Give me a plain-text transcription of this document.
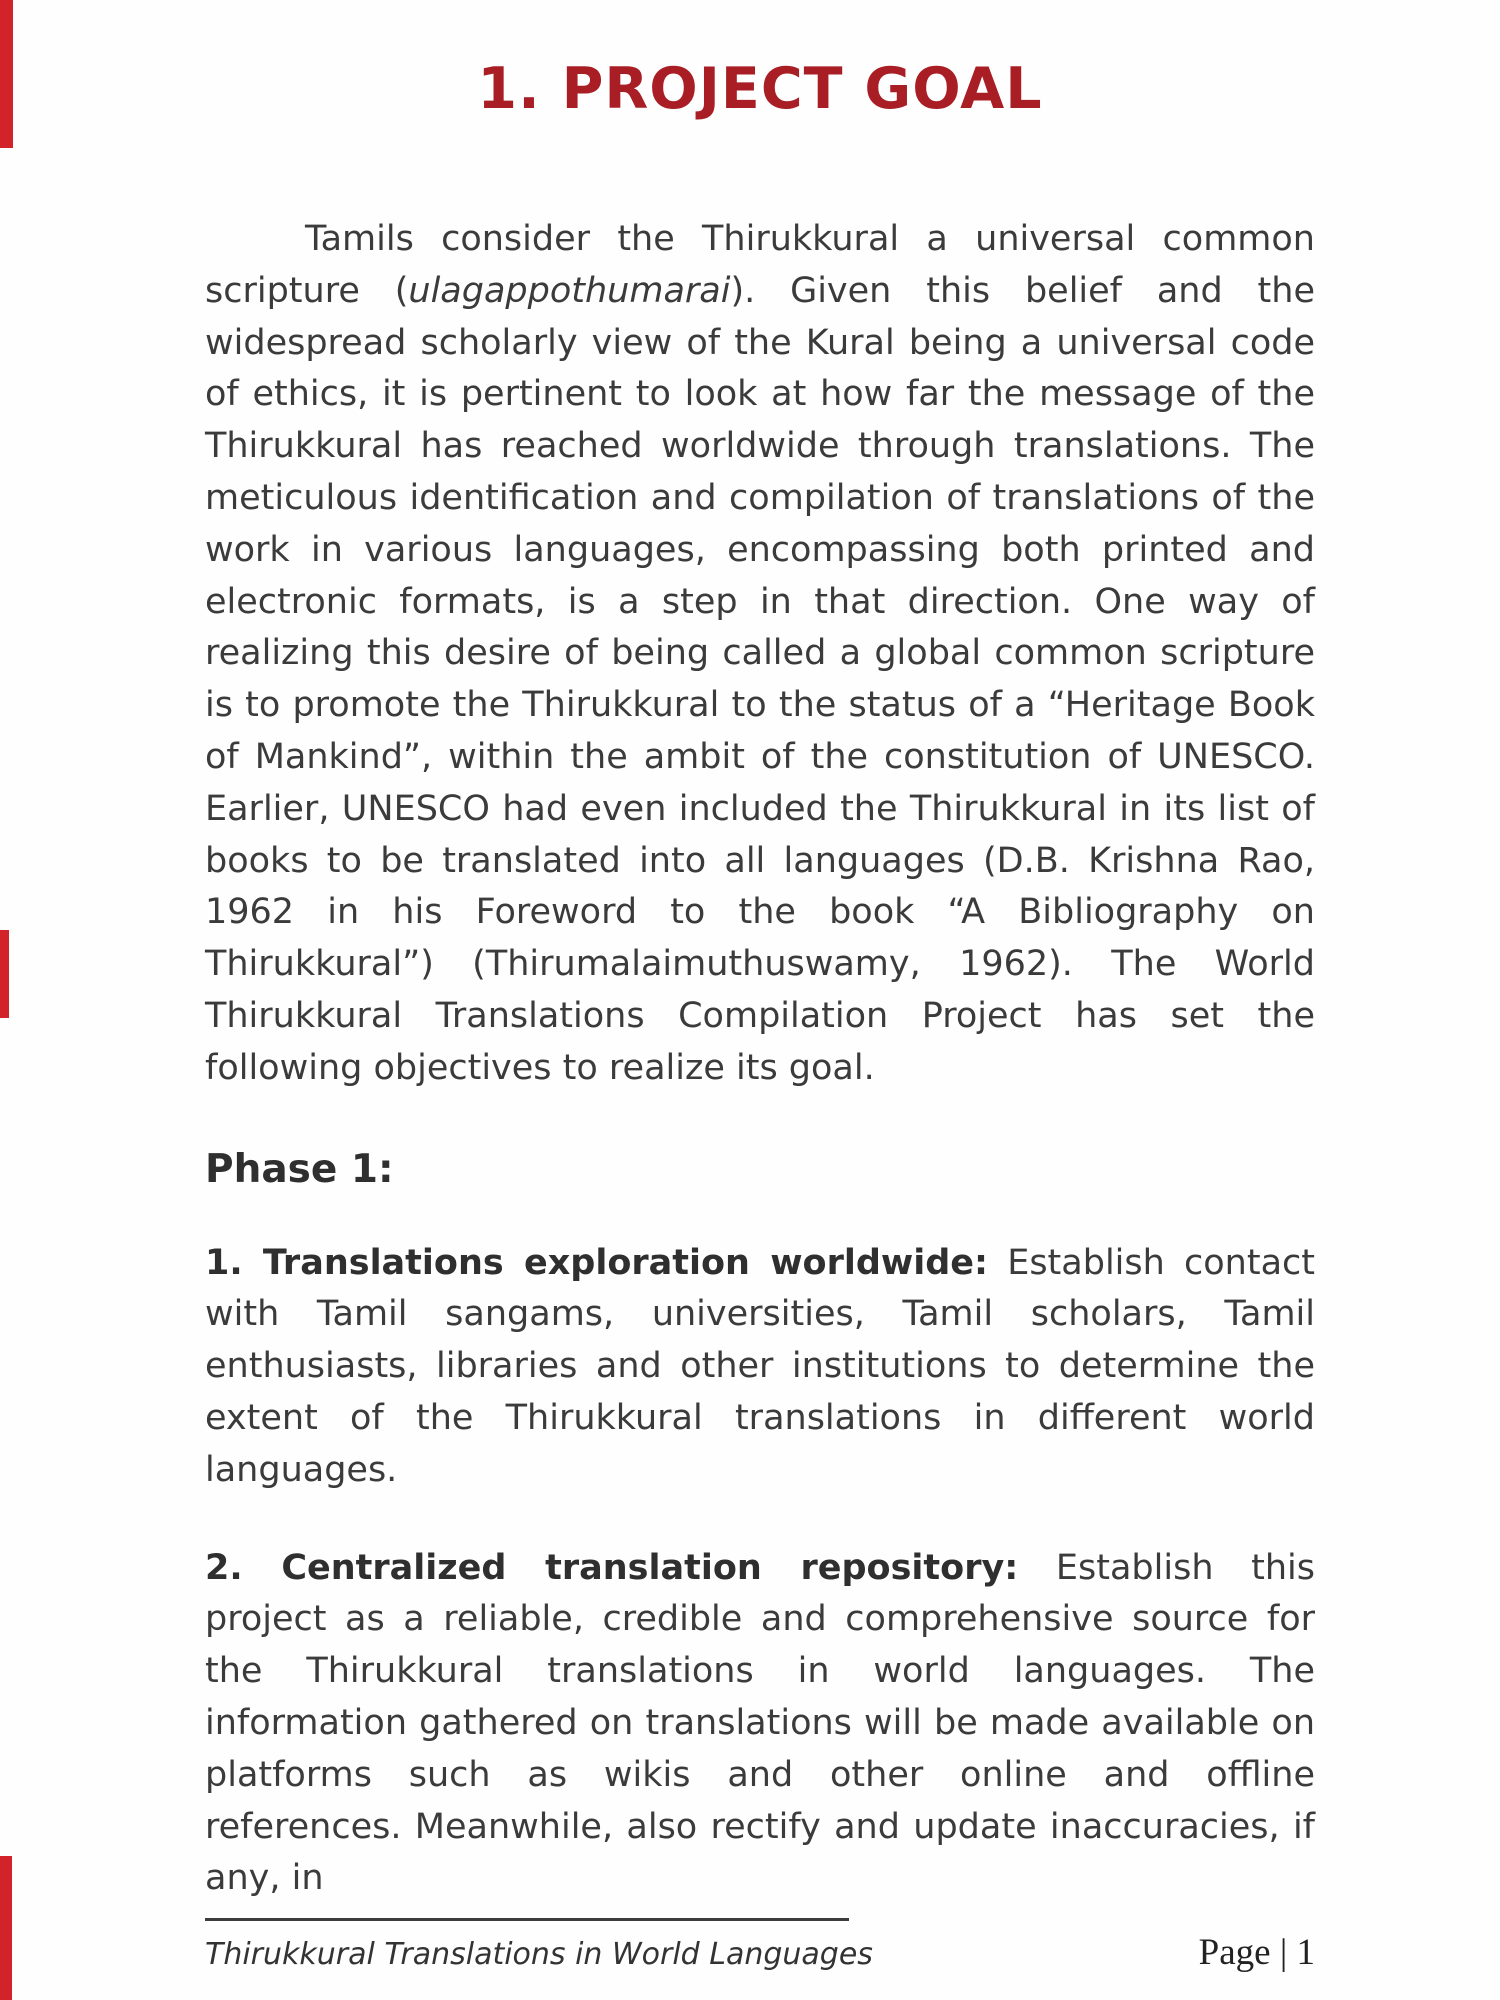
1. PROJECT GOAL

Tamils consider the Thirukkural a universal common scripture (ulagappothumarai). Given this belief and the widespread scholarly view of the Kural being a universal code of ethics, it is pertinent to look at how far the message of the Thirukkural has reached worldwide through translations. The meticulous identification and compilation of translations of the work in various languages, encompassing both printed and electronic formats, is a step in that direction. One way of realizing this desire of being called a global common scripture is to promote the Thirukkural to the status of a “Heritage Book of Mankind”, within the ambit of the constitution of UNESCO. Earlier, UNESCO had even included the Thirukkural in its list of books to be translated into all languages (D.B. Krishna Rao, 1962 in his Foreword to the book “A Bibliography on Thirukkural”) (Thirumalaimuthuswamy, 1962). The World Thirukkural Translations Compilation Project has set the following objectives to realize its goal.

Phase 1:

1. Translations exploration worldwide: Establish contact with Tamil sangams, universities, Tamil scholars, Tamil enthusiasts, libraries and other institutions to determine the extent of the Thirukkural translations in different world languages.

2. Centralized translation repository: Establish this project as a reliable, credible and comprehensive source for the Thirukkural translations in world languages. The information gathered on translations will be made available on platforms such as wikis and other online and offline references. Meanwhile, also rectify and update inaccuracies, if any, in

Thirukkural Translations in World Languages	Page | 1
